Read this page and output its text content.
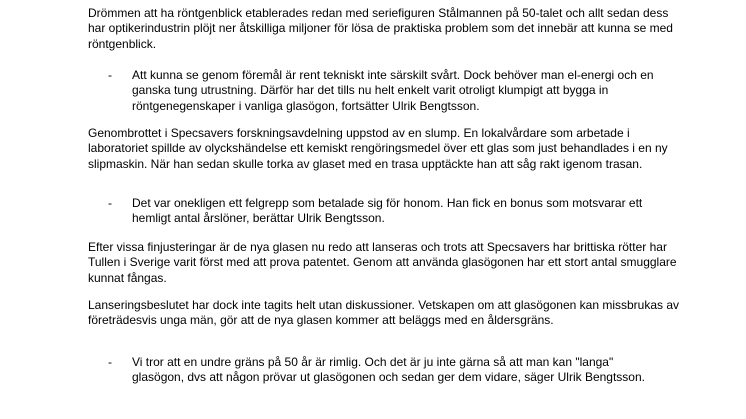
Drömmen att ha röntgenblick etablerades redan med seriefiguren Stålmannen på 50-talet och allt sedan dess har optikerindustrin plöjt ner åtskilliga miljoner för lösa de praktiska problem som det innebär att kunna se med röntgenblick.

- Att kunna se genom föremål är rent tekniskt inte särskilt svårt. Dock behöver man el-energi och en ganska tung utrustning. Därför har det tills nu helt enkelt varit otroligt klumpigt att bygga in röntgenegenskaper i vanliga glasögon, fortsätter Ulrik Bengtsson.

Genombrottet i Specsavers forskningsavdelning uppstod av en slump. En lokalvårdare som arbetade i laboratoriet spillde av olyckshändelse ett kemiskt rengöringsmedel över ett glas som just behandlades i en ny slipmaskin. När han sedan skulle torka av glaset med en trasa upptäckte han att såg rakt igenom trasan.

- Det var onekligen ett felgrepp som betalade sig för honom. Han fick en bonus som motsvarar ett hemligt antal årslöner, berättar Ulrik Bengtsson.

Efter vissa finjusteringar är de nya glasen nu redo att lanseras och trots att Specsavers har brittiska rötter har Tullen i Sverige varit först med att prova patentet. Genom att använda glasögonen har ett stort antal smugglare kunnat fångas.

Lanseringsbeslutet har dock inte tagits helt utan diskussioner. Vetskapen om att glasögonen kan missbrukas av företrädesvis unga män, gör att de nya glasen kommer att beläggs med en åldersgräns.

- Vi tror att en undre gräns på 50 år är rimlig. Och det är ju inte gärna så att man kan "langa" glasögon, dvs att någon prövar ut glasögonen och sedan ger dem vidare, säger Ulrik Bengtsson.
